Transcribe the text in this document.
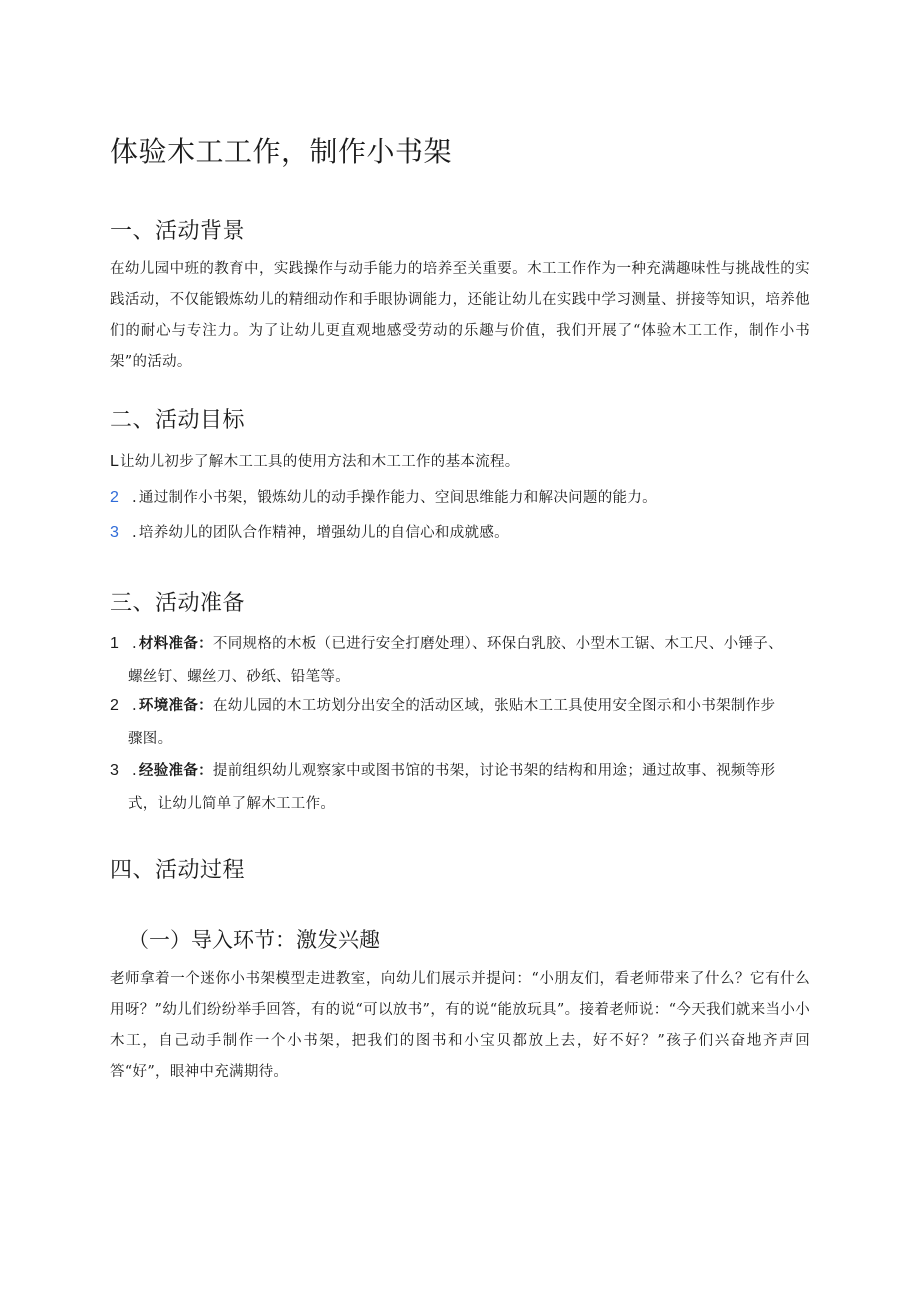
体验木工工作，制作小书架
一、活动背景

在幼儿园中班的教育中，实践操作与动手能力的培养至关重要。木工工作作为一种充满趣味性与挑战性的实践活动，不仅能锻炼幼儿的精细动作和手眼协调能力，还能让幼儿在实践中学习测量、拼接等知识，培养他们的耐心与专注力。为了让幼儿更直观地感受劳动的乐趣与价值，我们开展了“体验木工工作，制作小书架”的活动。

二、活动目标

L让幼儿初步了解木工工具的使用方法和木工工作的基本流程。

2 . 通过制作小书架，锻炼幼儿的动手操作能力、空间思维能力和解决问题的能力。

3 . 培养幼儿的团队合作精神，增强幼儿的自信心和成就感。

三、活动准备
1 . 材料准备：不同规格的木板（已进行安全打磨处理）、环保白乳胶、小型木工锯、木工尺、小锤子、
螺丝钉、螺丝刀、砂纸、铅笔等。
2 . 环境准备：在幼儿园的木工坊划分出安全的活动区域，张贴木工工具使用安全图示和小书架制作步
骤图。
3 . 经验准备：提前组织幼儿观察家中或图书馆的书架，讨论书架的结构和用途；通过故事、视频等形
式，让幼儿简单了解木工工作。
四、活动过程
（一）导入环节：激发兴趣

老师拿着一个迷你小书架模型走进教室，向幼儿们展示并提问：“小朋友们，看老师带来了什么？它有什么用呀？”幼儿们纷纷举手回答，有的说“可以放书”，有的说“能放玩具”。接着老师说：“今天我们就来当小小木工，自己动手制作一个小书架，把我们的图书和小宝贝都放上去，好不好？”孩子们兴奋地齐声回答“好”，眼神中充满期待。
